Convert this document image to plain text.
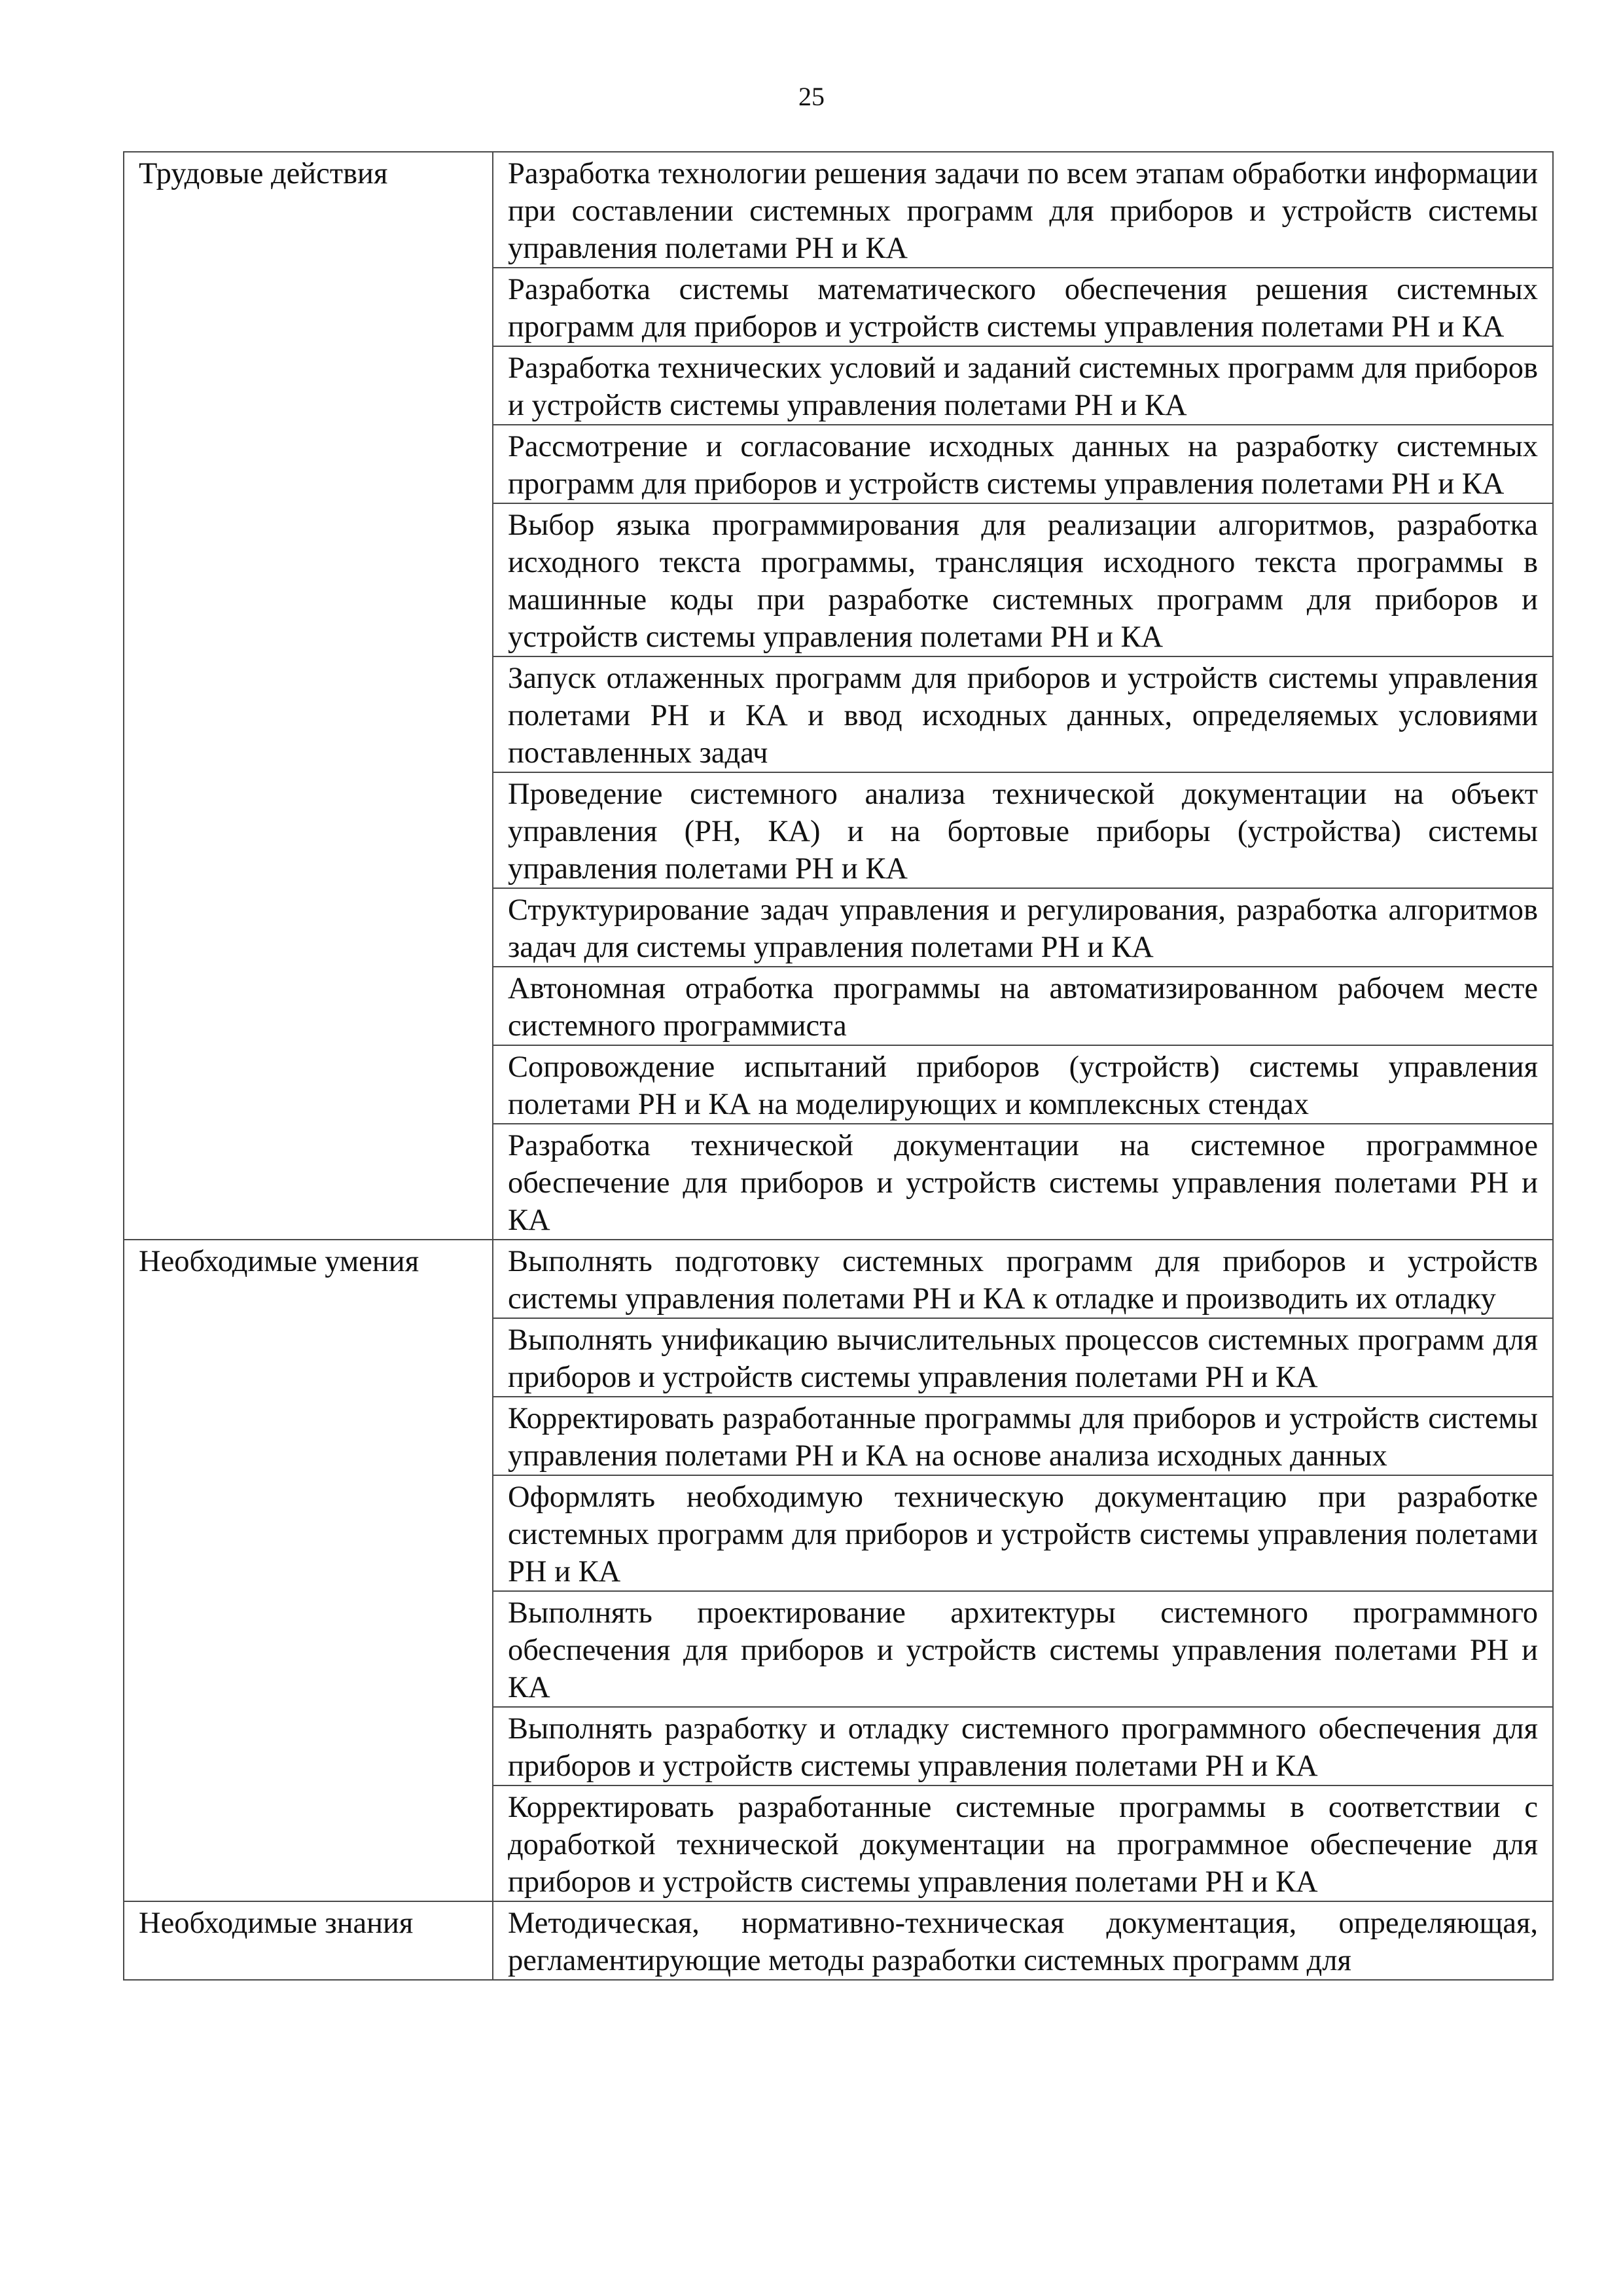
25
Трудовые действия	Разработка технологии решения задачи по всем этапам обработки информации при составлении системных программ для приборов и устройств системы управления полетами РН и КА
	Разработка системы математического обеспечения решения системных программ для приборов и устройств системы управления полетами РН и КА
	Разработка технических условий и заданий системных программ для приборов и устройств системы управления полетами РН и КА
	Рассмотрение и согласование исходных данных на разработку системных программ для приборов и устройств системы управления полетами РН и КА
	Выбор языка программирования для реализации алгоритмов, разработка исходного текста программы, трансляция исходного текста программы в машинные коды при разработке системных программ для приборов и устройств системы управления полетами РН и КА
	Запуск отлаженных программ для приборов и устройств системы управления полетами РН и КА и ввод исходных данных, определяемых условиями поставленных задач
	Проведение системного анализа технической документации на объект управления (РН, КА) и на бортовые приборы (устройства) системы управления полетами РН и КА
	Структурирование задач управления и регулирования, разработка алгоритмов задач для системы управления полетами РН и КА
	Автономная отработка программы на автоматизированном рабочем месте системного программиста
	Сопровождение испытаний приборов (устройств) системы управления полетами РН и КА на моделирующих и комплексных стендах
	Разработка технической документации на системное программное обеспечение для приборов и устройств системы управления полетами РН и КА
Необходимые умения	Выполнять подготовку системных программ для приборов и устройств системы управления полетами РН и КА к отладке и производить их отладку
	Выполнять унификацию вычислительных процессов системных программ для приборов и устройств системы управления полетами РН и КА
	Корректировать разработанные программы для приборов и устройств системы управления полетами РН и КА на основе анализа исходных данных
	Оформлять необходимую техническую документацию при разработке системных программ для приборов и устройств системы управления полетами РН и КА
	Выполнять проектирование архитектуры системного программного обеспечения для приборов и устройств системы управления полетами РН и КА
	Выполнять разработку и отладку системного программного обеспечения для приборов и устройств системы управления полетами РН и КА
	Корректировать разработанные системные программы в соответствии с доработкой технической документации на программное обеспечение для приборов и устройств системы управления полетами РН и КА
Необходимые знания	Методическая, нормативно-техническая документация, определяющая, регламентирующие методы разработки системных программ для
